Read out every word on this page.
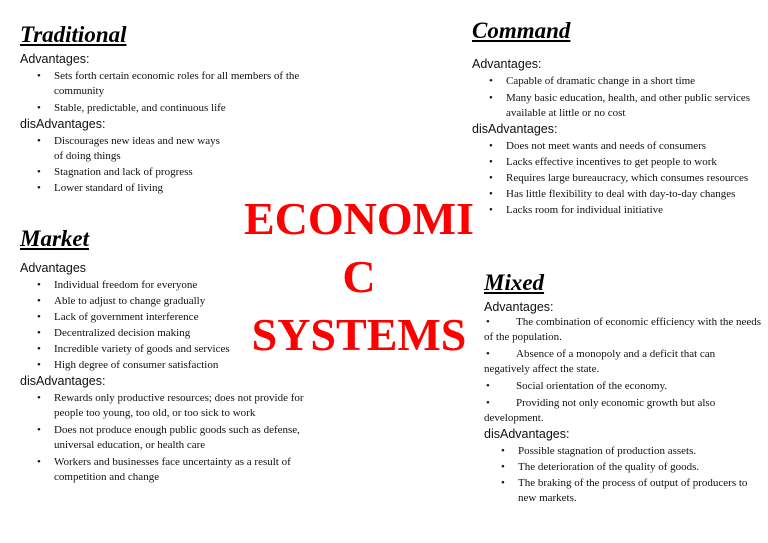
Traditional

Advantages:

• Sets forth certain economic roles for all members of the community
• Stable, predictable, and continuous life

disAdvantages:

• Discourages new ideas and new ways of doing things
• Stagnation and lack of progress
• Lower standard of living
Market

Advantages

• Individual freedom for everyone
• Able to adjust to change gradually
• Lack of government interference
• Decentralized decision making
• Incredible variety of goods and services
• High degree of consumer satisfaction

disAdvantages:

• Rewards only productive resources; does not provide for people too young, too old, or too sick to work
• Does not produce enough public goods such as defense, universal education, or health care
• Workers and businesses face uncertainty as a result of competition and change
Command

Advantages:

• Capable of dramatic change in a short time
• Many basic education, health, and other public services available at little or no cost

disAdvantages:

• Does not meet wants and needs of consumers
• Lacks effective incentives to get people to work
• Requires large bureaucracy, which consumes resources
• Has little flexibility to deal with day-to-day changes
• Lacks room for individual initiative
Mixed

Advantages:

•	The combination of economic efficiency with the needs of the population.
•	Absence of a monopoly and a deficit that can negatively affect the state.
•	Social orientation of the economy.
•	Providing not only economic growth but also development.

disAdvantages:

• Possible stagnation of production assets.
• The deterioration of the quality of goods.
• The braking of the process of output of producers to new markets.
ECONOMI
C
SYSTEMS
